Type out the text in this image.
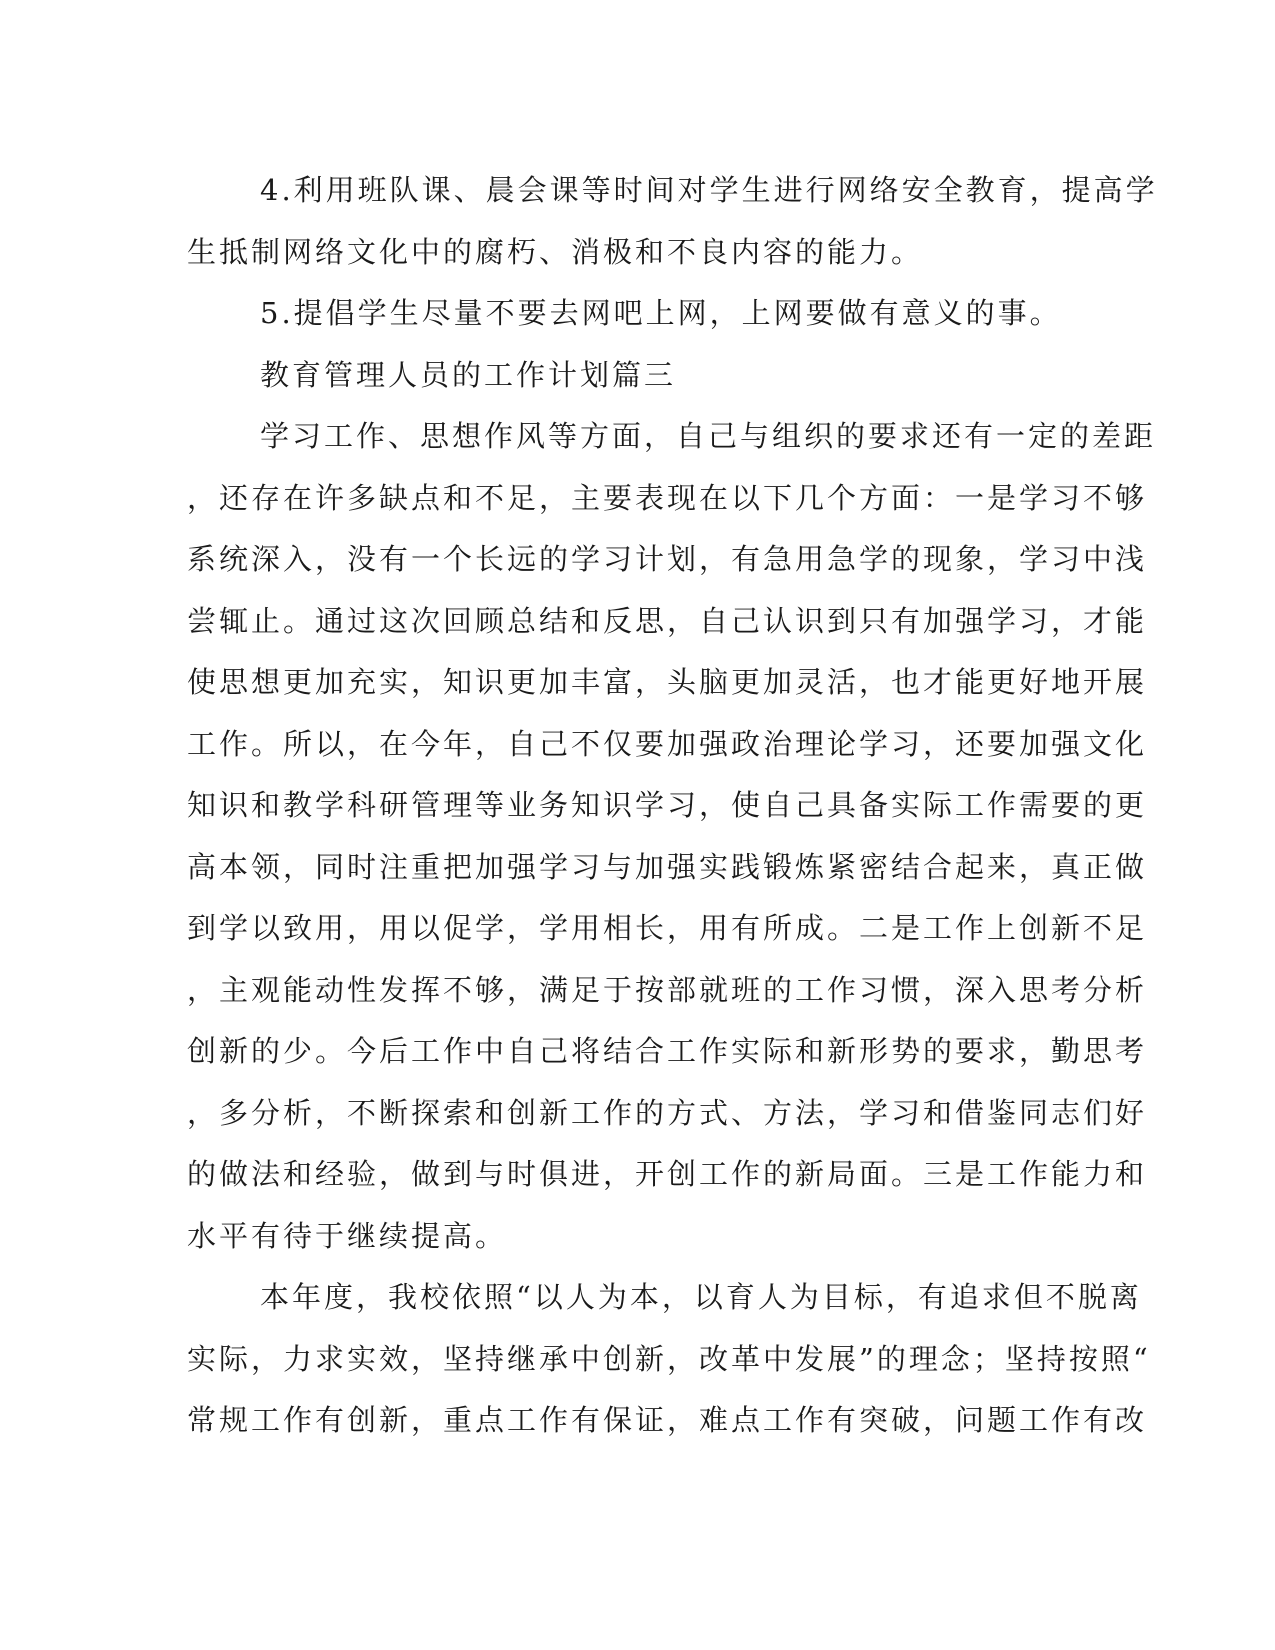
4.利用班队课、晨会课等时间对学生进行网络安全教育，提高学
生抵制网络文化中的腐朽、消极和不良内容的能力。
5.提倡学生尽量不要去网吧上网，上网要做有意义的事。
教育管理人员的工作计划篇三
学习工作、思想作风等方面，自己与组织的要求还有一定的差距
，还存在许多缺点和不足，主要表现在以下几个方面：一是学习不够
系统深入，没有一个长远的学习计划，有急用急学的现象，学习中浅
尝辄止。通过这次回顾总结和反思，自己认识到只有加强学习，才能
使思想更加充实，知识更加丰富，头脑更加灵活，也才能更好地开展
工作。所以，在今年，自己不仅要加强政治理论学习，还要加强文化
知识和教学科研管理等业务知识学习，使自己具备实际工作需要的更
高本领，同时注重把加强学习与加强实践锻炼紧密结合起来，真正做
到学以致用，用以促学，学用相长，用有所成。二是工作上创新不足
，主观能动性发挥不够，满足于按部就班的工作习惯，深入思考分析
创新的少。今后工作中自己将结合工作实际和新形势的要求，勤思考
，多分析，不断探索和创新工作的方式、方法，学习和借鉴同志们好
的做法和经验，做到与时俱进，开创工作的新局面。三是工作能力和
水平有待于继续提高。
本年度，我校依照“以人为本，以育人为目标，有追求但不脱离
实际，力求实效，坚持继承中创新，改革中发展”的理念；坚持按照“
常规工作有创新，重点工作有保证，难点工作有突破，问题工作有改
